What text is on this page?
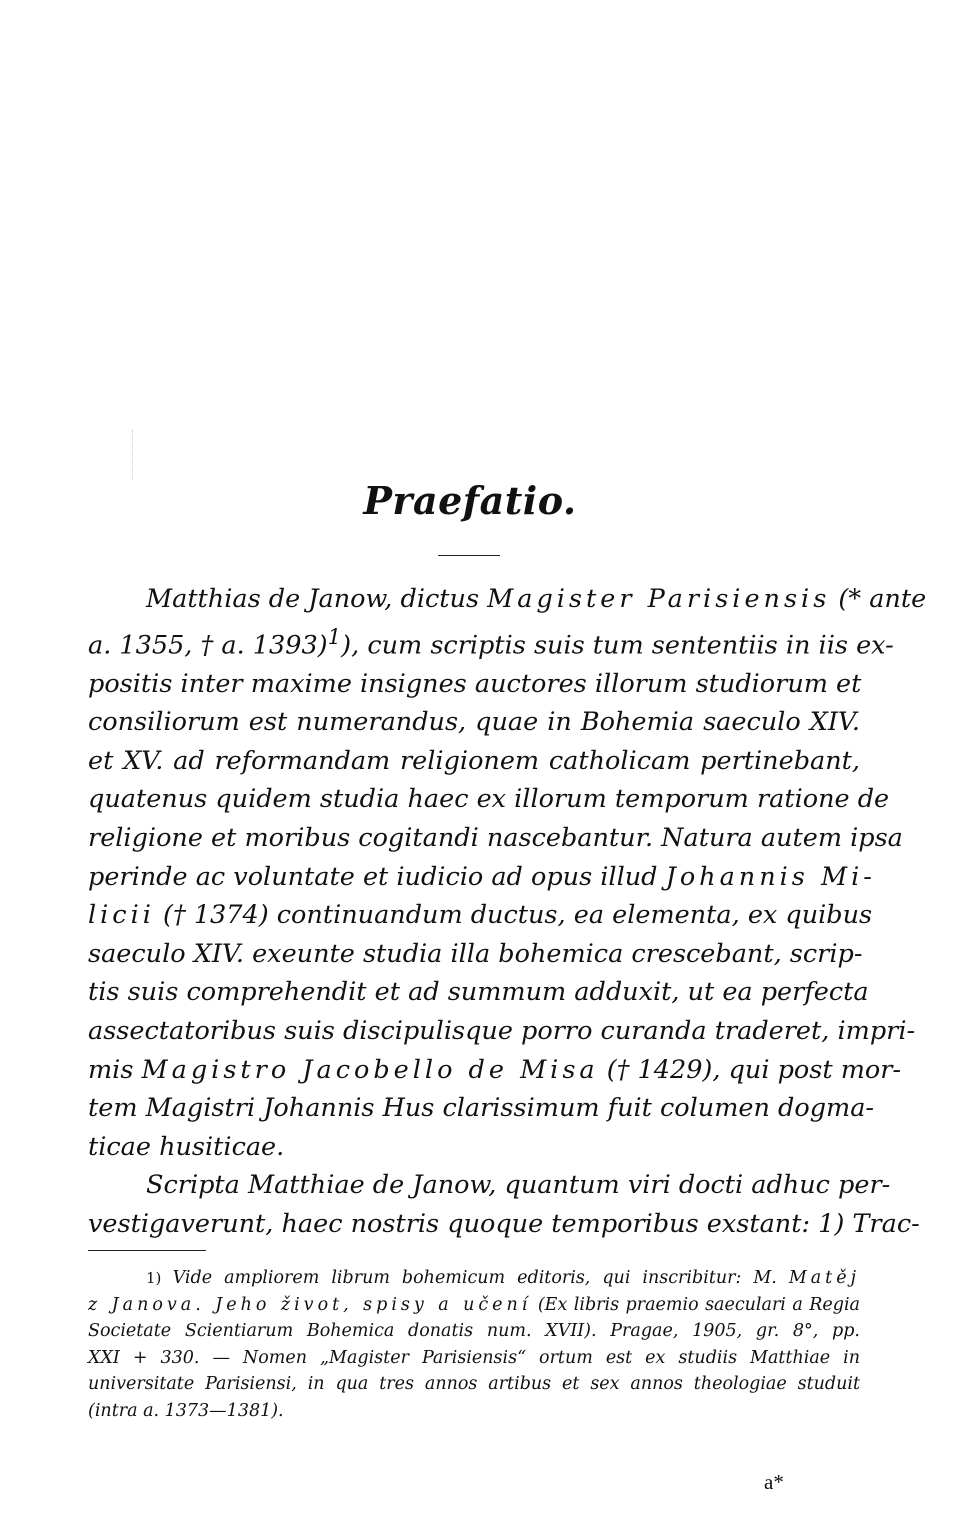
Praefatio.
Matthias de Janow, dictus Magister Parisiensis (* ante
a. 1355, † a. 1393)$^1$), cum scriptis suis tum sententiis in iis ex-
positis inter maxime insignes auctores illorum studiorum et
consiliorum est numerandus, quae in Bohemia saeculo XIV.
et XV. ad reformandam religionem catholicam pertinebant,
quatenus quidem studia haec ex illorum temporum ratione de
religione et moribus cogitandi nascebantur. Natura autem ipsa
perinde ac voluntate et iudicio ad opus illud Johannis Mi-
licii († 1374) continuandum ductus, ea elementa, ex quibus
saeculo XIV. exeunte studia illa bohemica crescebant, scrip-
tis suis comprehendit et ad summum adduxit, ut ea perfecta
assectatoribus suis discipulisque porro curanda traderet, impri-
mis Magistro Jacobello de Misa († 1429), qui post mor-
tem Magistri Johannis Hus clarissimum fuit columen dogma-
ticae husiticae.
Scripta Matthiae de Janow, quantum viri docti adhuc per-
vestigaverunt, haec nostris quoque temporibus exstant: 1) Trac-
1) Vide ampliorem librum bohemicum editoris, qui inscribitur: M. Matěj
z Janova. Jeho život, spisy a učení (Ex libris praemio saeculari a Regia
Societate Scientiarum Bohemica donatis num. XVII). Pragae, 1905, gr. 8°, pp.
XXI + 330. — Nomen „Magister Parisiensis“ ortum est ex studiis Matthiae in
universitate Parisiensi, in qua tres annos artibus et sex annos theologiae studuit
(intra a. 1373—1381).
a*
